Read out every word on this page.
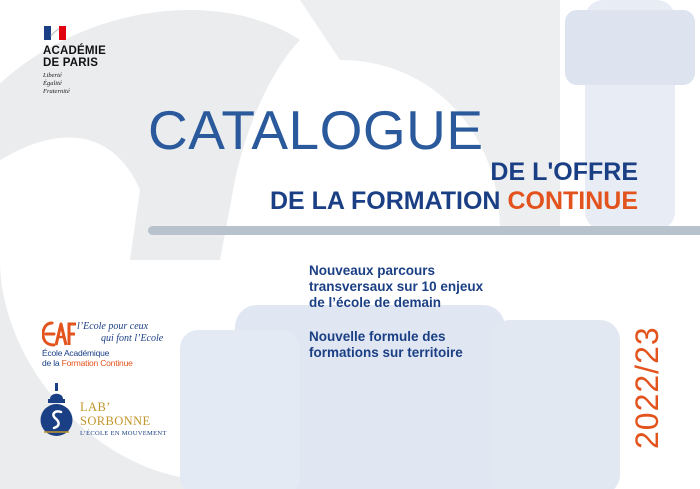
ACADÉMIE
DE PARIS
Liberté
Égalité
Fraternité
CATALOGUE
DE L'OFFRE
DE LA FORMATION CONTINUE
Nouveaux parcours
transversaux sur 10 enjeux
de l’école de demain
Nouvelle formule des
formations sur territoire	2022/23
l’Ecole pour ceux
qui font l’Ecole
École Académique
de la Formation Continue
LAB’
SORBONNE
L’ÉCOLE EN MOUVEMENT
